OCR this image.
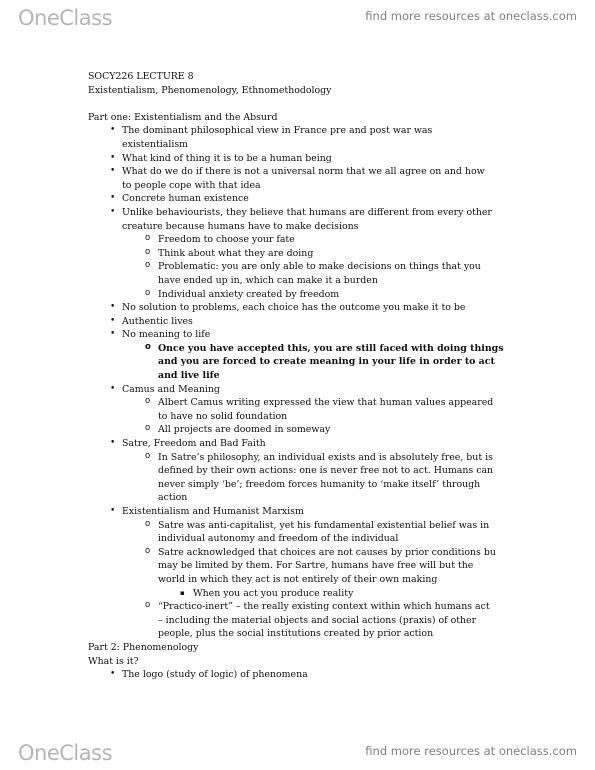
OneClass	find more resources at oneclass.com
SOCY226 LECTURE 8
Existentialism, Phenomenology, Ethnomethodology
Part one: Existentialism and the Absurd
• The dominant philosophical view in France pre and post war was
existentialism
• What kind of thing it is to be a human being
• What do we do if there is not a universal norm that we all agree on and how
to people cope with that idea
• Concrete human existence
• Unlike behaviourists, they believe that humans are different from every other
creature because humans have to make decisions
o Freedom to choose your fate
o Think about what they are doing
o Problematic: you are only able to make decisions on things that you
have ended up in, which can make it a burden
o Individual anxiety created by freedom
• No solution to problems, each choice has the outcome you make it to be
• Authentic lives
• No meaning to life
o Once you have accepted this, you are still faced with doing things
and you are forced to create meaning in your life in order to act
and live life
• Camus and Meaning
o Albert Camus writing expressed the view that human values appeared
to have no solid foundation
o All projects are doomed in someway
• Satre, Freedom and Bad Faith
o In Satre’s philosophy, an individual exists and is absolutely free, but is
defined by their own actions: one is never free not to act. Humans can
never simply ‘be’; freedom forces humanity to ‘make itself’ through
action
• Existentialism and Humanist Marxism
o Satre was anti-capitalist, yet his fundamental existential belief was in
individual autonomy and freedom of the individual
o Satre acknowledged that choices are not causes by prior conditions bu
may be limited by them. For Sartre, humans have free will but the
world in which they act is not entirely of their own making
▪ When you act you produce reality
o “Practico-inert” – the really existing context within which humans act
– including the material objects and social actions (praxis) of other
people, plus the social institutions created by prior action
Part 2: Phenomenology
What is it?
• The logo (study of logic) of phenomena
OneClass	find more resources at oneclass.com
